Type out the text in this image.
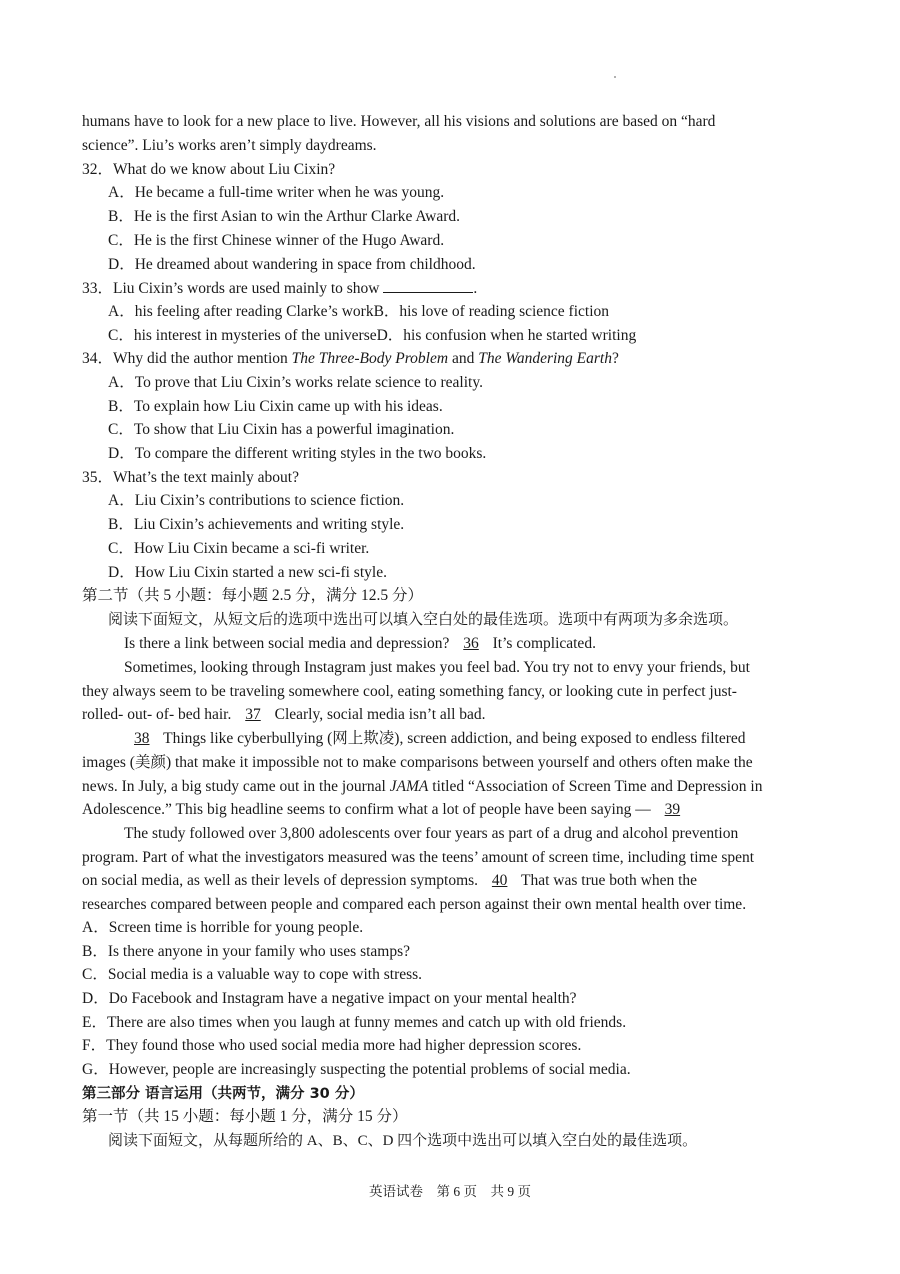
humans have to look for a new place to live. However, all his visions and solutions are based on “hard
science”. Liu’s works aren’t simply daydreams.
32．What do we know about Liu Cixin?
A．He became a full-time writer when he was young.
B．He is the first Asian to win the Arthur Clarke Award.
C．He is the first Chinese winner of the Hugo Award.
D．He dreamed about wandering in space from childhood.
33．Liu Cixin’s words are used mainly to show	.
A．his feeling after reading Clarke’s workB．his love of reading science fiction
C．his interest in mysteries of the universeD．his confusion when he started writing
34．Why did the author mention The Three-Body Problem and The Wandering Earth?
A．To prove that Liu Cixin’s works relate science to reality.
B．To explain how Liu Cixin came up with his ideas.
C．To show that Liu Cixin has a powerful imagination.
D．To compare the different writing styles in the two books.
35．What’s the text mainly about?
A．Liu Cixin’s contributions to science fiction.
B．Liu Cixin’s achievements and writing style.
C．How Liu Cixin became a sci-fi writer.
D．How Liu Cixin started a new sci-fi style.
第二节（共 5 小题：每小题 2.5 分，满分 12.5 分）
阅读下面短文，从短文后的选项中选出可以填入空白处的最佳选项。选项中有两项为多余选项。
Is there a link between social media and depression? 36 It’s complicated.
Sometimes, looking through Instagram just makes you feel bad. You try not to envy your friends, but
they always seem to be traveling somewhere cool, eating something fancy, or looking cute in perfect just-
rolled- out- of- bed hair. 37 Clearly, social media isn’t all bad.
38 Things like cyberbullying (网上欺凌), screen addiction, and being exposed to endless filtered
images (美颜) that make it impossible not to make comparisons between yourself and others often make the
news. In July, a big study came out in the journal JAMA titled “Association of Screen Time and Depression in
Adolescence.” This big headline seems to confirm what a lot of people have been saying — 39
The study followed over 3,800 adolescents over four years as part of a drug and alcohol prevention
program. Part of what the investigators measured was the teens’ amount of screen time, including time spent
on social media, as well as their levels of depression symptoms. 40 That was true both when the
researches compared between people and compared each person against their own mental health over time.
A．Screen time is horrible for young people.
B．Is there anyone in your family who uses stamps?
C．Social media is a valuable way to cope with stress.
D．Do Facebook and Instagram have a negative impact on your mental health?
E．There are also times when you laugh at funny memes and catch up with old friends.
F．They found those who used social media more had higher depression scores.
G．However, people are increasingly suspecting the potential problems of social media.
第三部分 语言运用（共两节，满分 30 分）
第一节（共 15 小题：每小题 1 分，满分 15 分）
阅读下面短文，从每题所给的 A、B、C、D 四个选项中选出可以填入空白处的最佳选项。
英语试卷　第 6 页　共 9 页
